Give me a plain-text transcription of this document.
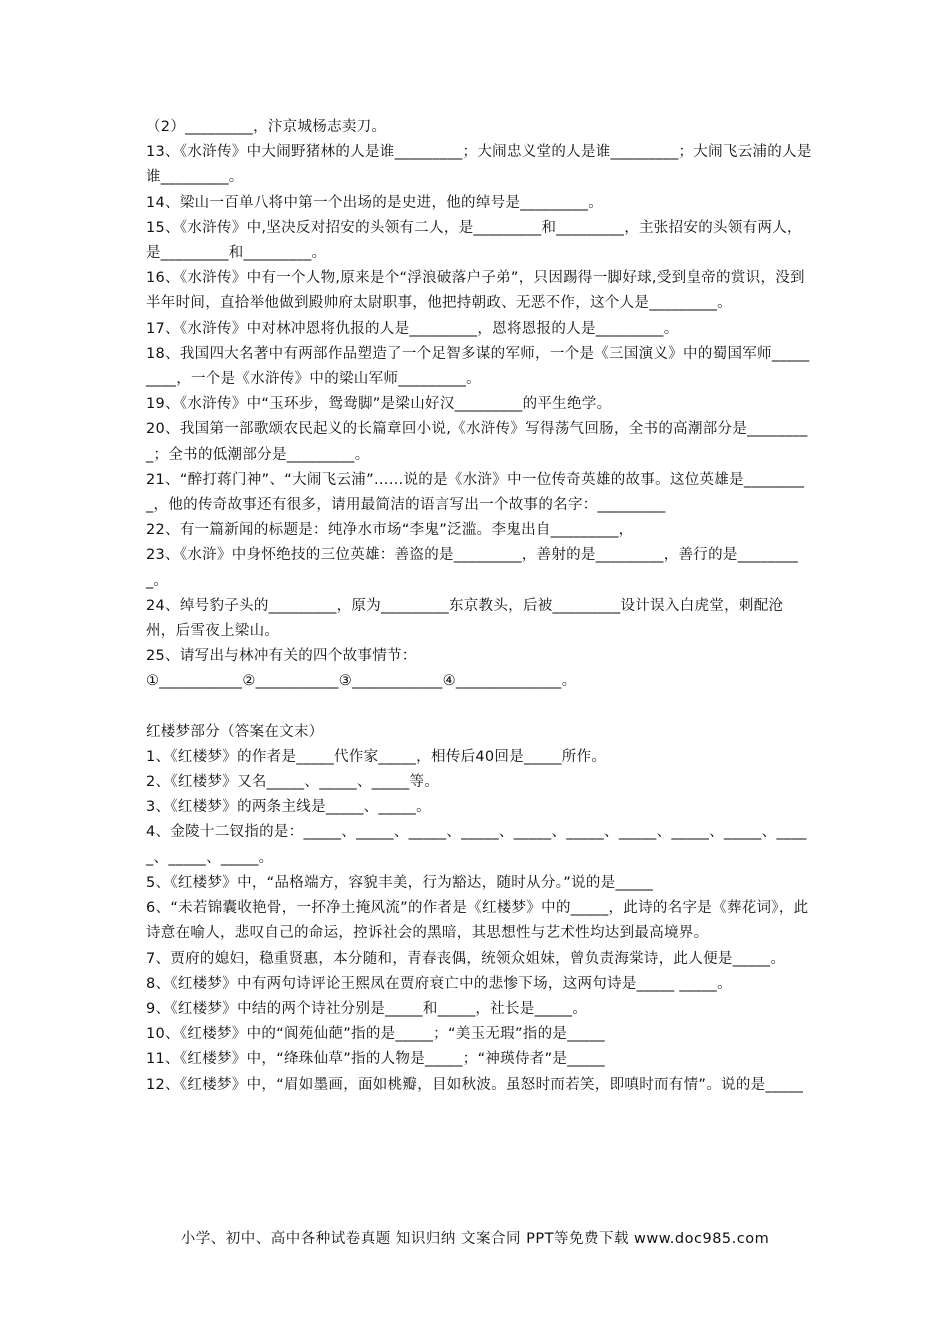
（2）_________，汴京城杨志卖刀。

13、《水浒传》中大闹野猪林的人是谁_________；大闹忠义堂的人是谁_________；大闹飞云浦的人是谁_________。

14、梁山一百单八将中第一个出场的是史进，他的绰号是_________。

15、《水浒传》中,坚决反对招安的头领有二人，是_________和_________，主张招安的头领有两人，是_________和_________。

16、《水浒传》中有一个人物,原来是个“浮浪破落户子弟”，只因踢得一脚好球,受到皇帝的赏识，没到半年时间，直拾举他做到殿帅府太尉职事，他把持朝政、无恶不作，这个人是_________。

17、《水浒传》中对林冲恩将仇报的人是_________，恩将恩报的人是_________。

18、我国四大名著中有两部作品塑造了一个足智多谋的军师，一个是《三国演义》中的蜀国军师_________，一个是《水浒传》中的梁山军师_________。

19、《水浒传》中“玉环步，鸳鸯脚”是梁山好汉_________的平生绝学。

20、我国第一部歌颂农民起义的长篇章回小说,《水浒传》写得荡气回肠，全书的高潮部分是_________；全书的低潮部分是_________。

21、“醉打蒋门神”、“大闹飞云浦”……说的是《水浒》中一位传奇英雄的故事。这位英雄是_________，他的传奇故事还有很多，请用最简洁的语言写出一个故事的名字：_________

22、有一篇新闻的标题是：纯净水市场“李鬼”泛滥。李鬼出自_________，

23、《水浒》中身怀绝技的三位英雄：善盗的是_________，善射的是_________，善行的是_________。

24、绰号豹子头的_________，原为_________东京教头，后被_________设计误入白虎堂，刺配沧州，后雪夜上梁山。

25、请写出与林冲有关的四个故事情节：

①___________②___________③____________④______________。

红楼梦部分（答案在文末）

1、《红楼梦》的作者是_____代作家_____，相传后40回是_____所作。

2、《红楼梦》又名_____、_____、_____等。

3、《红楼梦》的两条主线是_____、_____。

4、金陵十二钗指的是：_____、_____、_____、_____、_____、_____、_____、_____、_____、_____、_____、_____。

5、《红楼梦》中，“品格端方，容貌丰美，行为豁达，随时从分。”说的是_____

6、“未若锦囊收艳骨，一抔净土掩风流”的作者是《红楼梦》中的_____，此诗的名字是《葬花词》，此诗意在喻人，悲叹自己的命运，控诉社会的黑暗，其思想性与艺术性均达到最高境界。

7、贾府的媳妇，稳重贤惠，本分随和，青春丧偶，统领众姐妹，曾负责海棠诗，此人便是_____。

8、《红楼梦》中有两句诗评论王熙凤在贾府衰亡中的悲惨下场，这两句诗是_____ _____。

9、《红楼梦》中结的两个诗社分别是_____和_____，社长是_____。

10、《红楼梦》中的“阆苑仙葩”指的是_____；“美玉无瑕”指的是_____

11、《红楼梦》中，“绛珠仙草”指的人物是_____；“神瑛侍者”是_____

12、《红楼梦》中，“眉如墨画，面如桃瓣，目如秋波。虽怒时而若笑，即嗔时而有情”。说的是_____

小学、初中、高中各种试卷真题 知识归纳 文案合同 PPT等免费下载 www.doc985.com
